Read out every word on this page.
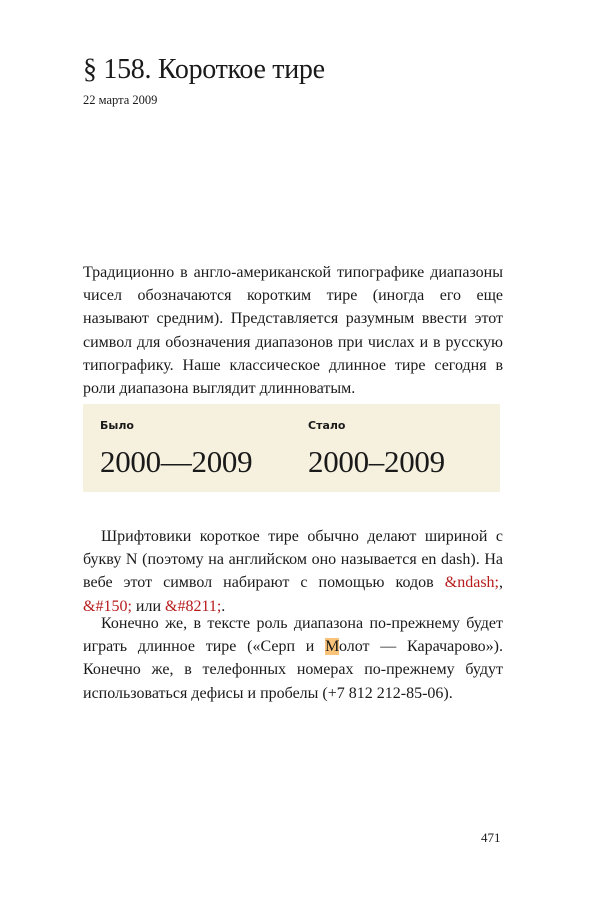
§ 158. Короткое тире
22 марта 2009

Традиционно в англо-американской типографике диапазоны чисел обозначаются коротким тире (иногда его еще называют средним). Представляется разумным ввести этот символ для обозначения диапазонов при числах и в русскую типографику. Наше классическое длинное тире сегодня в роли диапазона выглядит длинноватым.

Было
2000—2009
Стало
2000–2009

Шрифтовики короткое тире обычно делают шириной с букву N (поэтому на английском оно называется en dash). На вебе этот символ набирают с помощью кодов &ndash;, &#150; или &#8211;.

Конечно же, в тексте роль диапазона по-прежнему будет играть длинное тире («Серп и Молот — Карачарово»). Конечно же, в телефонных номерах по-прежнему будут использоваться дефисы и пробелы (+7 812 212-85-06).

471
